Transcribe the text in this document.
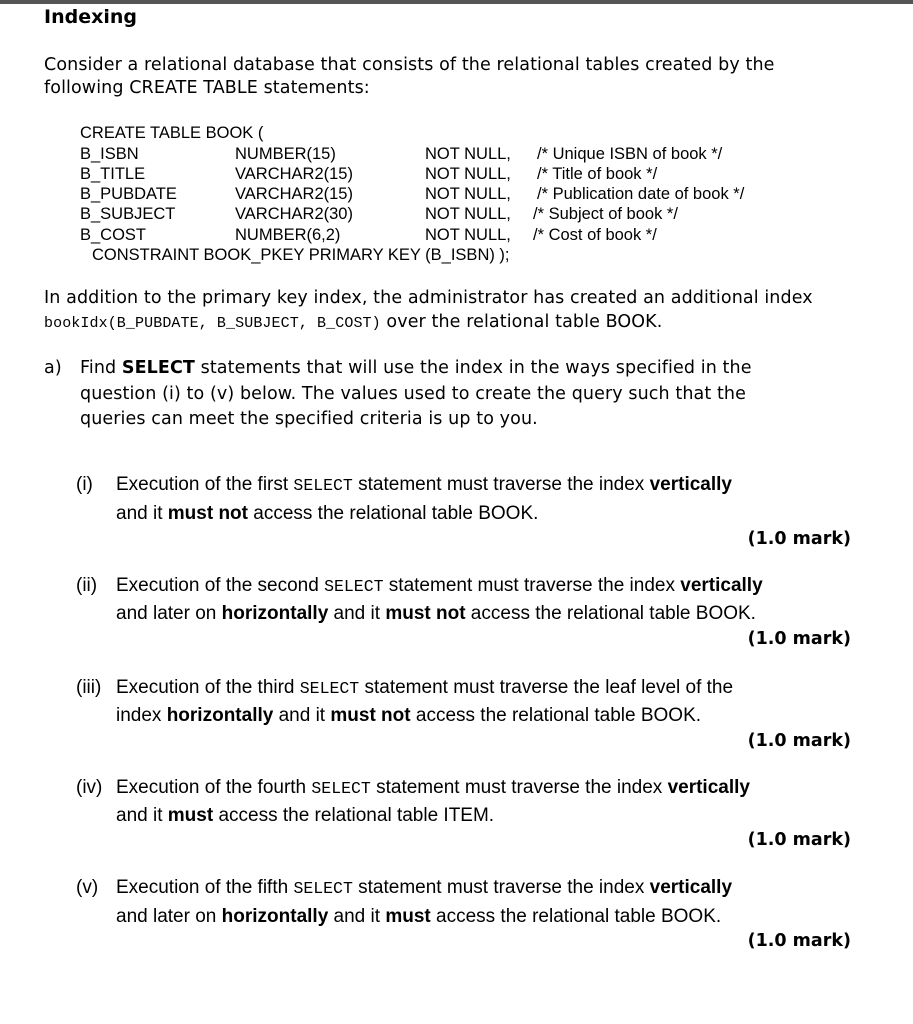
Indexing
Consider a relational database that consists of the relational tables created by the
following CREATE TABLE statements:
CREATE TABLE BOOK (
B_ISBN	NUMBER(15)	NOT NULL, /* Unique ISBN of book */
B_TITLE	VARCHAR2(15)	NOT NULL, /* Title of book */
B_PUBDATE	VARCHAR2(15)	NOT NULL, /* Publication date of book */
B_SUBJECT	VARCHAR2(30)	NOT NULL, /* Subject of book */
B_COST	NUMBER(6,2)	NOT NULL, /* Cost of book */
CONSTRAINT BOOK_PKEY PRIMARY KEY (B_ISBN) );
In addition to the primary key index, the administrator has created an additional index
bookIdx(B_PUBDATE, B_SUBJECT, B_COST) over the relational table BOOK.
a) Find SELECT statements that will use the index in the ways specified in the
question (i) to (v) below. The values used to create the query such that the
queries can meet the specified criteria is up to you.
(i) Execution of the first SELECT statement must traverse the index vertically
and it must not access the relational table BOOK.
(1.0 mark)
(ii) Execution of the second SELECT statement must traverse the index vertically
and later on horizontally and it must not access the relational table BOOK.
(1.0 mark)
(iii) Execution of the third SELECT statement must traverse the leaf level of the
index horizontally and it must not access the relational table BOOK.
(1.0 mark)
(iv) Execution of the fourth SELECT statement must traverse the index vertically
and it must access the relational table ITEM.
(1.0 mark)
(v) Execution of the fifth SELECT statement must traverse the index vertically
and later on horizontally and it must access the relational table BOOK.
(1.0 mark)
